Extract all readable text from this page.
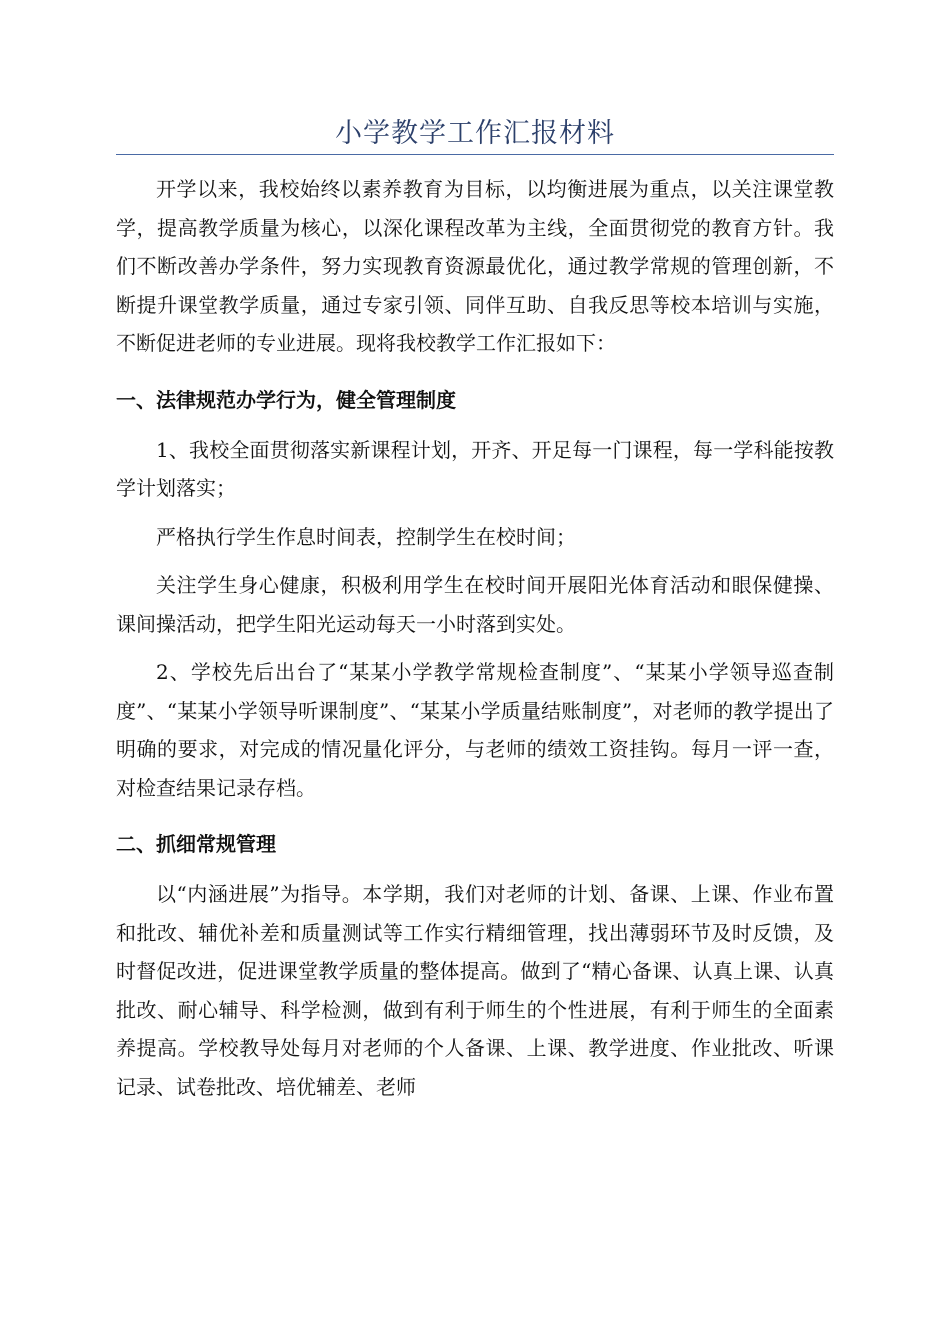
小学教学工作汇报材料

开学以来，我校始终以素养教育为目标，以均衡进展为重点，以关注课堂教学，提高教学质量为核心，以深化课程改革为主线，全面贯彻党的教育方针。我们不断改善办学条件，努力实现教育资源最优化，通过教学常规的管理创新，不断提升课堂教学质量，通过专家引领、同伴互助、自我反思等校本培训与实施，不断促进老师的专业进展。现将我校教学工作汇报如下：

一、法律规范办学行为，健全管理制度

1、我校全面贯彻落实新课程计划，开齐、开足每一门课程，每一学科能按教学计划落实；

严格执行学生作息时间表，控制学生在校时间；

关注学生身心健康，积极利用学生在校时间开展阳光体育活动和眼保健操、课间操活动，把学生阳光运动每天一小时落到实处。

2、学校先后出台了“某某小学教学常规检查制度”、“某某小学领导巡查制度”、“某某小学领导听课制度”、“某某小学质量结账制度”，对老师的教学提出了明确的要求，对完成的情况量化评分，与老师的绩效工资挂钩。每月一评一查，对检查结果记录存档。

二、抓细常规管理

以“内涵进展”为指导。本学期，我们对老师的计划、备课、上课、作业布置和批改、辅优补差和质量测试等工作实行精细管理，找出薄弱环节及时反馈，及时督促改进，促进课堂教学质量的整体提高。做到了“精心备课、认真上课、认真批改、耐心辅导、科学检测，做到有利于师生的个性进展，有利于师生的全面素养提高。学校教导处每月对老师的个人备课、上课、教学进度、作业批改、听课记录、试卷批改、培优辅差、老师
